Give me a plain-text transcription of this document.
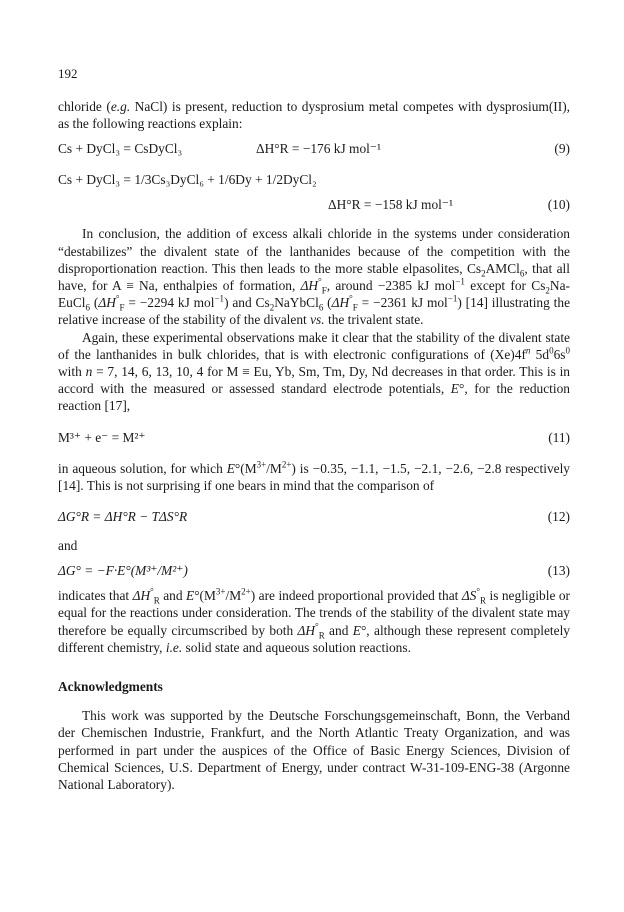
192

chloride (e.g. NaCl) is present, reduction to dysprosium metal competes with dysprosium(II), as the following reactions explain:

Cs + DyCl₃ = CsDyCl₃	ΔH°R = −176 kJ mol⁻¹	(9)
Cs + DyCl₃ = 1/3Cs₃DyCl₆ + 1/6Dy + 1/2DyCl₂
ΔH°R = −158 kJ mol⁻¹	(10)

In conclusion, the addition of excess alkali chloride in the systems under consideration “destabilizes” the divalent state of the lanthanides because of the competition with the disproportionation reaction. This then leads to the more stable elpasolites, $Cs_2AMCl_6$, that all have, for A ≡ Na, enthalpies of formation, $\Delta H^\circ_F$, around −2385 kJ mol$^{-1}$ except for $Cs_2Na-EuCl_6$ ($\Delta H^\circ_F = -2294$ kJ mol$^{-1}$) and $Cs_2NaYbCl_6$ ($\Delta H^\circ_F = -2361$ kJ mol$^{-1}$) [14] illustrating the relative increase of the stability of the divalent vs. the trivalent state.

Again, these experimental observations make it clear that the stability of the divalent state of the lanthanides in bulk chlorides, that is with electronic configurations of $(Xe)4f^n$ $5d^06s^0$ with n = 7, 14, 6, 13, 10, 4 for M ≡ Eu, Yb, Sm, Tm, Dy, Nd decreases in that order. This is in accord with the measured or assessed standard electrode potentials, E°, for the reduction reaction [17],

M³⁺ + e⁻ = M²⁺	(11)

in aqueous solution, for which $E^\circ(M^{3+}/M^{2+})$ is −0.35, −1.1, −1.5, −2.1, −2.6, −2.8 respectively [14]. This is not surprising if one bears in mind that the comparison of

ΔG°R = ΔH°R − TΔS°R	(12)

and

ΔG° = −F·E°(M³⁺/M²⁺)	(13)

indicates that $\Delta H^\circ_R$ and $E^\circ(M^{3+}/M^{2+})$ are indeed proportional provided that $\Delta S^\circ_R$ is negligible or equal for the reactions under consideration. The trends of the stability of the divalent state may therefore be equally circumscribed by both $\Delta H^\circ_R$ and E°, although these represent completely different chemistry, i.e. solid state and aqueous solution reactions.

Acknowledgments

This work was supported by the Deutsche Forschungsgemeinschaft, Bonn, the Verband der Chemischen Industrie, Frankfurt, and the North Atlantic Treaty Organization, and was performed in part under the auspices of the Office of Basic Energy Sciences, Division of Chemical Sciences, U.S. Department of Energy, under contract W-31-109-ENG-38 (Argonne National Laboratory).
